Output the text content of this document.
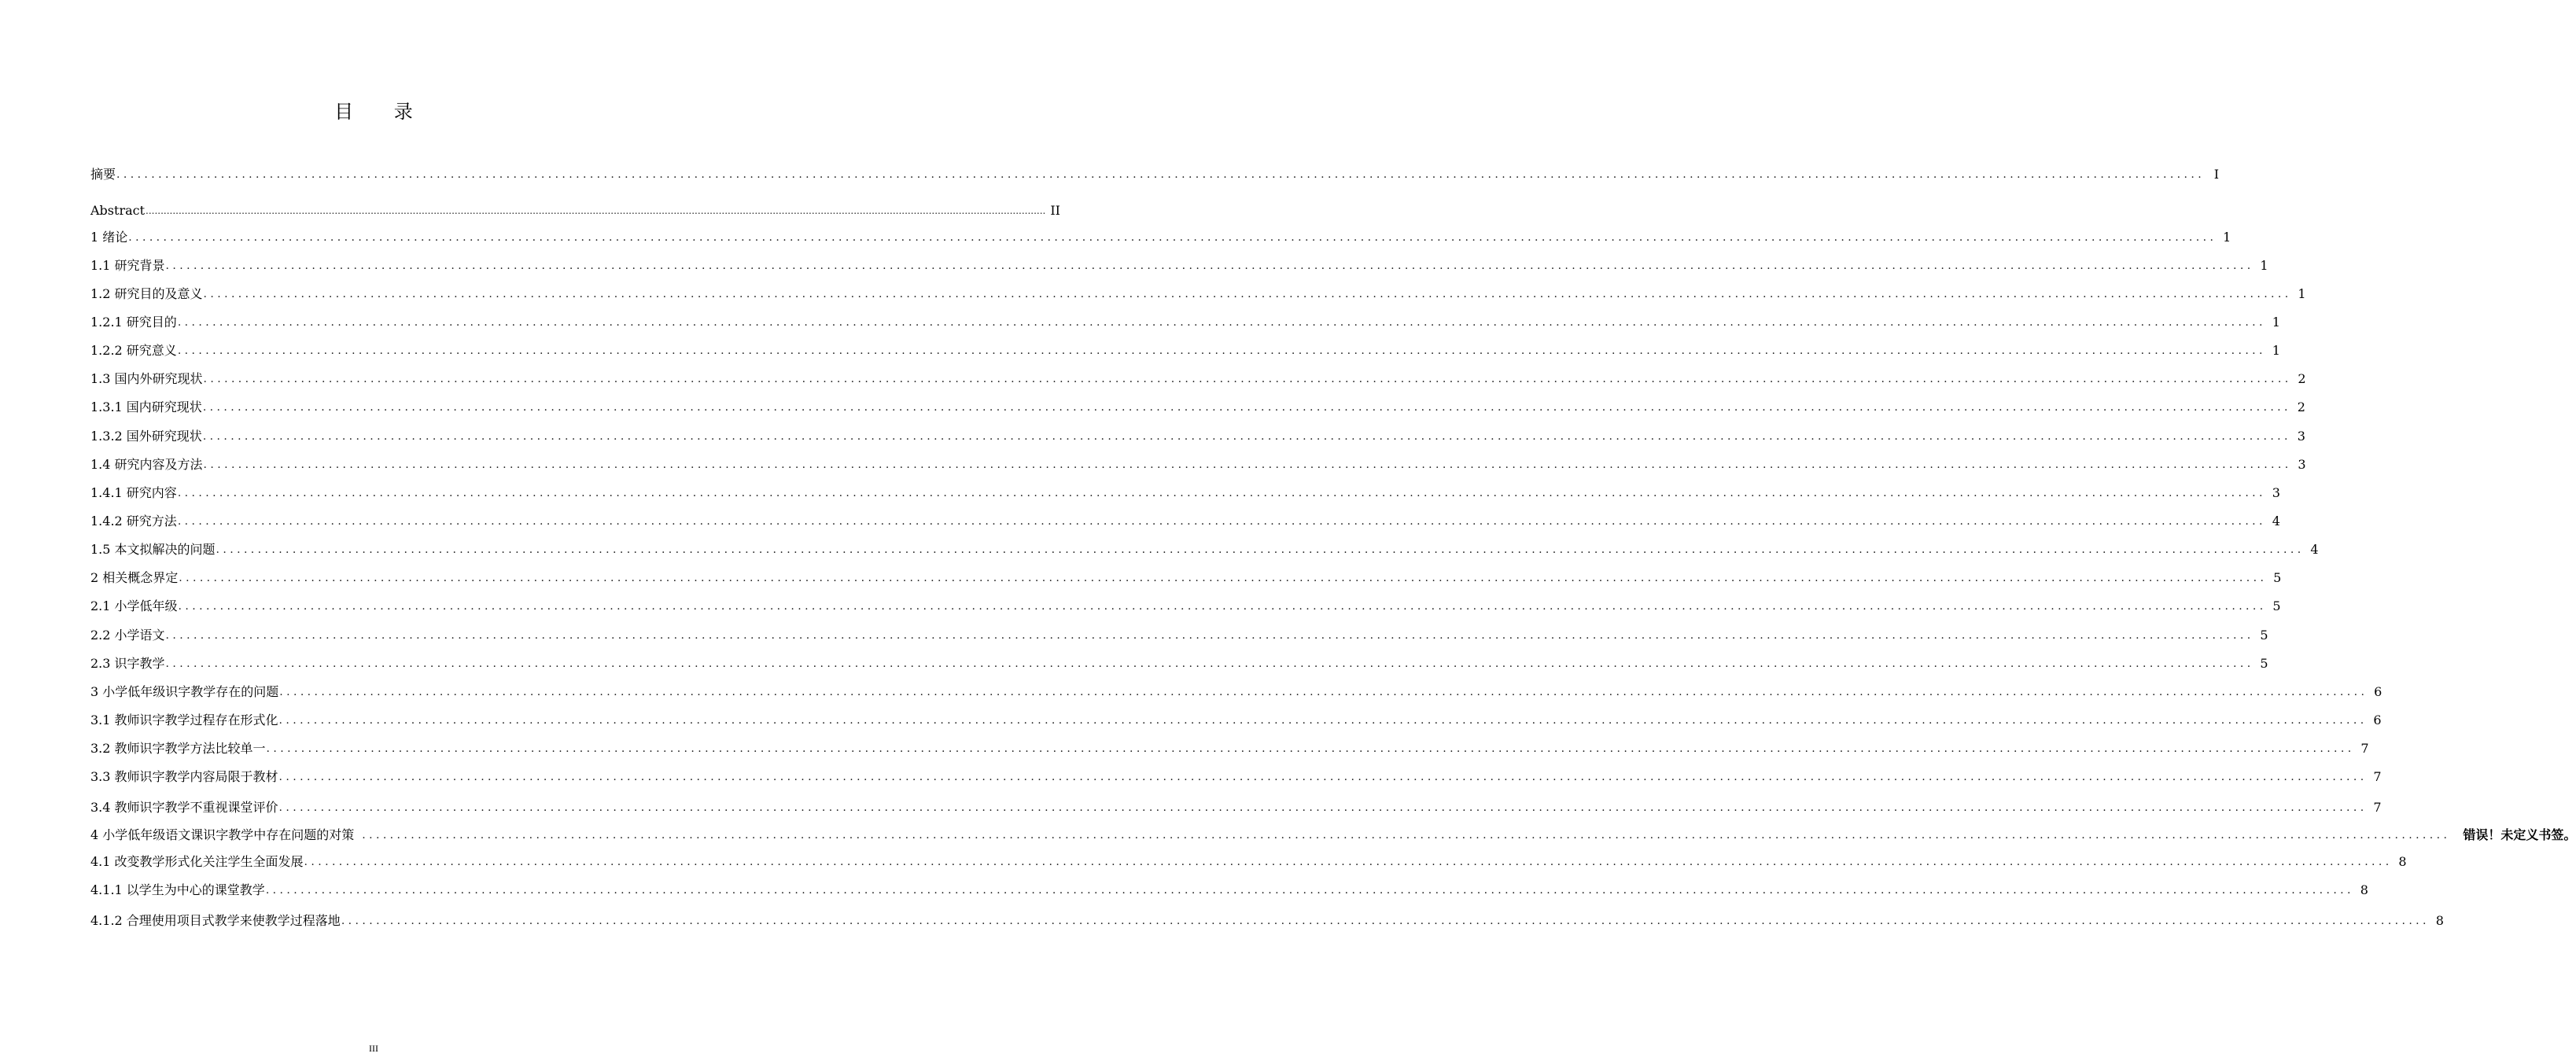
目 录
摘要 ............................................................................................................................................................................................................................................................................................................ I
Abstract ............................................................................................................................................................................................................................................................................................................ II
1 绪论 ............................................................................................................................................................................................................................................................................................................ 1
1.1 研究背景 ............................................................................................................................................................................................................................................................................................................ 1
1.2 研究目的及意义 ............................................................................................................................................................................................................................................................................................................ 1
1.2.1 研究目的 ............................................................................................................................................................................................................................................................................................................ 1
1.2.2 研究意义 ............................................................................................................................................................................................................................................................................................................ 1
1.3 国内外研究现状 ............................................................................................................................................................................................................................................................................................................ 2
1.3.1 国内研究现状 ............................................................................................................................................................................................................................................................................................................ 2
1.3.2 国外研究现状 ............................................................................................................................................................................................................................................................................................................ 3
1.4 研究内容及方法 ............................................................................................................................................................................................................................................................................................................ 3
1.4.1 研究内容 ............................................................................................................................................................................................................................................................................................................ 3
1.4.2 研究方法 ............................................................................................................................................................................................................................................................................................................ 4
1.5 本文拟解决的问题 ............................................................................................................................................................................................................................................................................................................ 4
2 相关概念界定 ............................................................................................................................................................................................................................................................................................................ 5
2.1 小学低年级 ............................................................................................................................................................................................................................................................................................................ 5
2.2 小学语文 ............................................................................................................................................................................................................................................................................................................ 5
2.3 识字教学 ............................................................................................................................................................................................................................................................................................................ 5
3 小学低年级识字教学存在的问题 ............................................................................................................................................................................................................................................................................................................ 6
3.1 教师识字教学过程存在形式化 ............................................................................................................................................................................................................................................................................................................ 6
3.2 教师识字教学方法比较单一 ............................................................................................................................................................................................................................................................................................................ 7
3.3 教师识字教学内容局限于教材 ............................................................................................................................................................................................................................................................................................................ 7
3.4 教师识字教学不重视课堂评价 ............................................................................................................................................................................................................................................................................................................ 7
4 小学低年级语文课识字教学中存在问题的对策 ............................................................................................................................................................................................................................................................................................................ 错误！未定义书签。
4.1 改变教学形式化关注学生全面发展 ............................................................................................................................................................................................................................................................................................................ 8
4.1.1 以学生为中心的课堂教学 ............................................................................................................................................................................................................................................................................................................ 8
4.1.2 合理使用项目式教学来使教学过程落地 ............................................................................................................................................................................................................................................................................................................ 8
III
